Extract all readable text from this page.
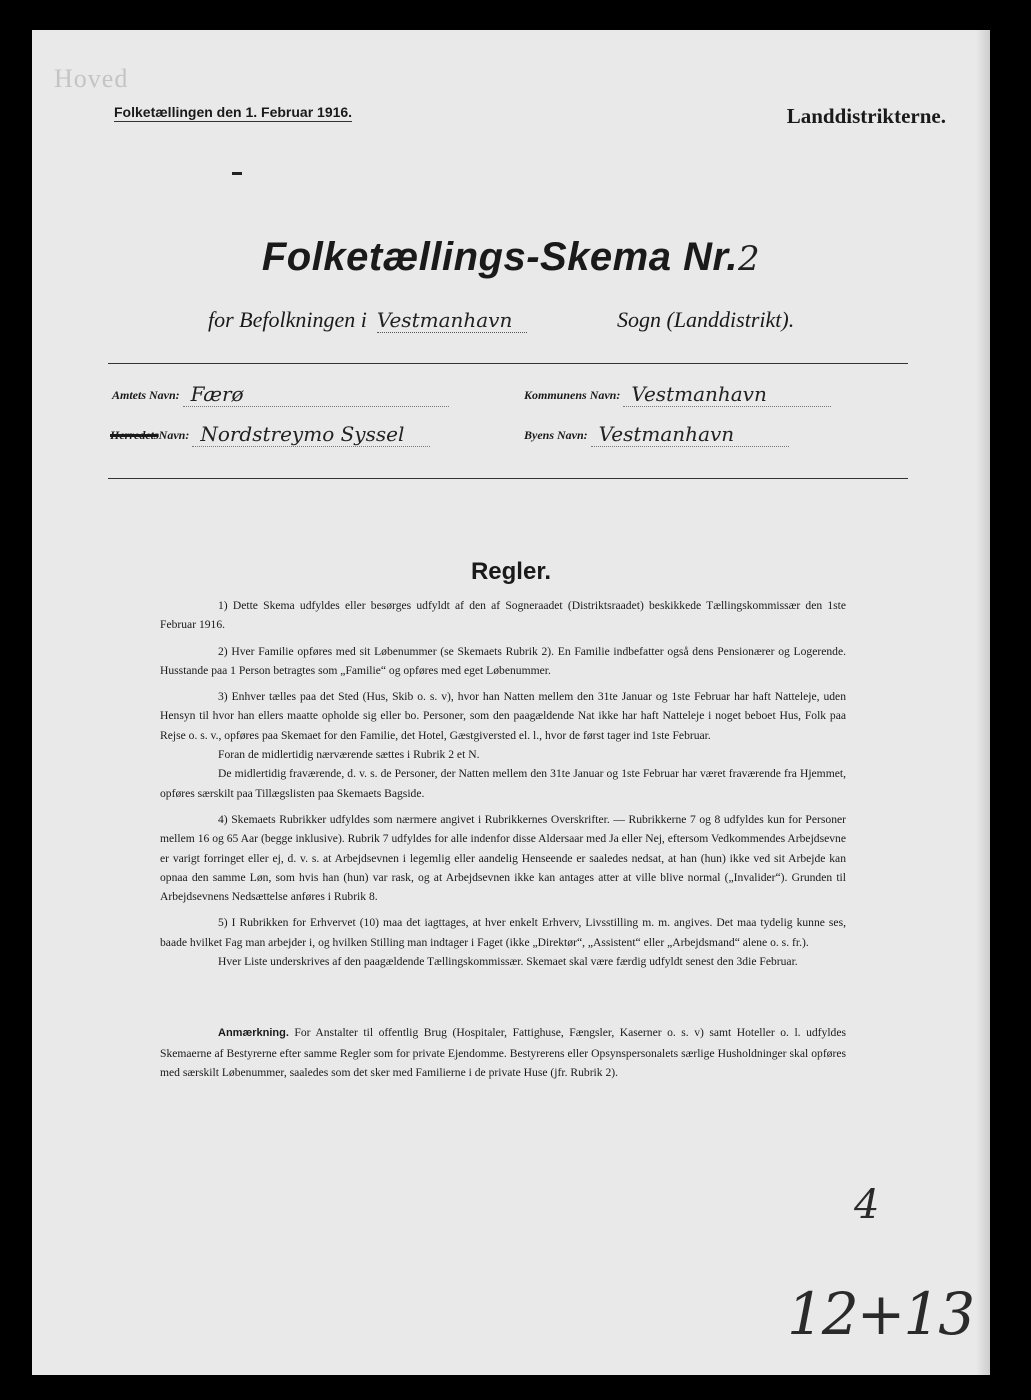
Hoved
Folketællingen den 1. Februar 1916.	Landdistrikterne.
Folketællings-Skema Nr.2
for Befolkningen i Vestmanhavn	Sogn (Landdistrikt).
Amtets Navn: Færø	Kommunens Navn: Vestmanhavn
HerredetsNavn: Nordstreymo Syssel	Byens Navn: Vestmanhavn
Regler.

1) Dette Skema udfyldes eller besørges udfyldt af den af Sogneraadet (Distriktsraadet) beskikkede Tællingskommissær den 1ste Februar 1916.

2) Hver Familie opføres med sit Løbenummer (se Skemaets Rubrik 2). En Familie indbefatter også dens Pensionærer og Logerende. Husstande paa 1 Person betragtes som „Familie“ og opføres med eget Løbenummer.

3) Enhver tælles paa det Sted (Hus, Skib o. s. v), hvor han Natten mellem den 31te Januar og 1ste Februar har haft Natteleje, uden Hensyn til hvor han ellers maatte opholde sig eller bo. Personer, som den paagældende Nat ikke har haft Natteleje i noget beboet Hus, Folk paa Rejse o. s. v., opføres paa Skemaet for den Familie, det Hotel, Gæstgiversted el. l., hvor de først tager ind 1ste Februar.

Foran de midlertidig nærværende sættes i Rubrik 2 et N.

De midlertidig fraværende, d. v. s. de Personer, der Natten mellem den 31te Januar og 1ste Februar har været fraværende fra Hjemmet, opføres særskilt paa Tillægslisten paa Skemaets Bagside.

4) Skemaets Rubrikker udfyldes som nærmere angivet i Rubrikkernes Overskrifter. — Rubrikkerne 7 og 8 udfyldes kun for Personer mellem 16 og 65 Aar (begge inklusive). Rubrik 7 udfyldes for alle indenfor disse Aldersaar med Ja eller Nej, eftersom Vedkommendes Arbejdsevne er varigt forringet eller ej, d. v. s. at Arbejdsevnen i legemlig eller aandelig Henseende er saaledes nedsat, at han (hun) ikke ved sit Arbejde kan opnaa den samme Løn, som hvis han (hun) var rask, og at Arbejdsevnen ikke kan antages atter at ville blive normal („Invalider“). Grunden til Arbejdsevnens Nedsættelse anføres i Rubrik 8.

5) I Rubrikken for Erhvervet (10) maa det iagttages, at hver enkelt Erhverv, Livsstilling m. m. angives. Det maa tydelig kunne ses, baade hvilket Fag man arbejder i, og hvilken Stilling man indtager i Faget (ikke „Direktør“, „Assistent“ eller „Arbejdsmand“ alene o. s. fr.).

Hver Liste underskrives af den paagældende Tællingskommissær. Skemaet skal være færdig udfyldt senest den 3die Februar.

Anmærkning. For Anstalter til offentlig Brug (Hospitaler, Fattighuse, Fængsler, Kaserner o. s. v) samt Hoteller o. l. udfyldes Skemaerne af Bestyrerne efter samme Regler som for private Ejendomme. Bestyrerens eller Opsynspersonalets særlige Husholdninger skal opføres med særskilt Løbenummer, saaledes som det sker med Familierne i de private Huse (jfr. Rubrik 2).

4
12+13
